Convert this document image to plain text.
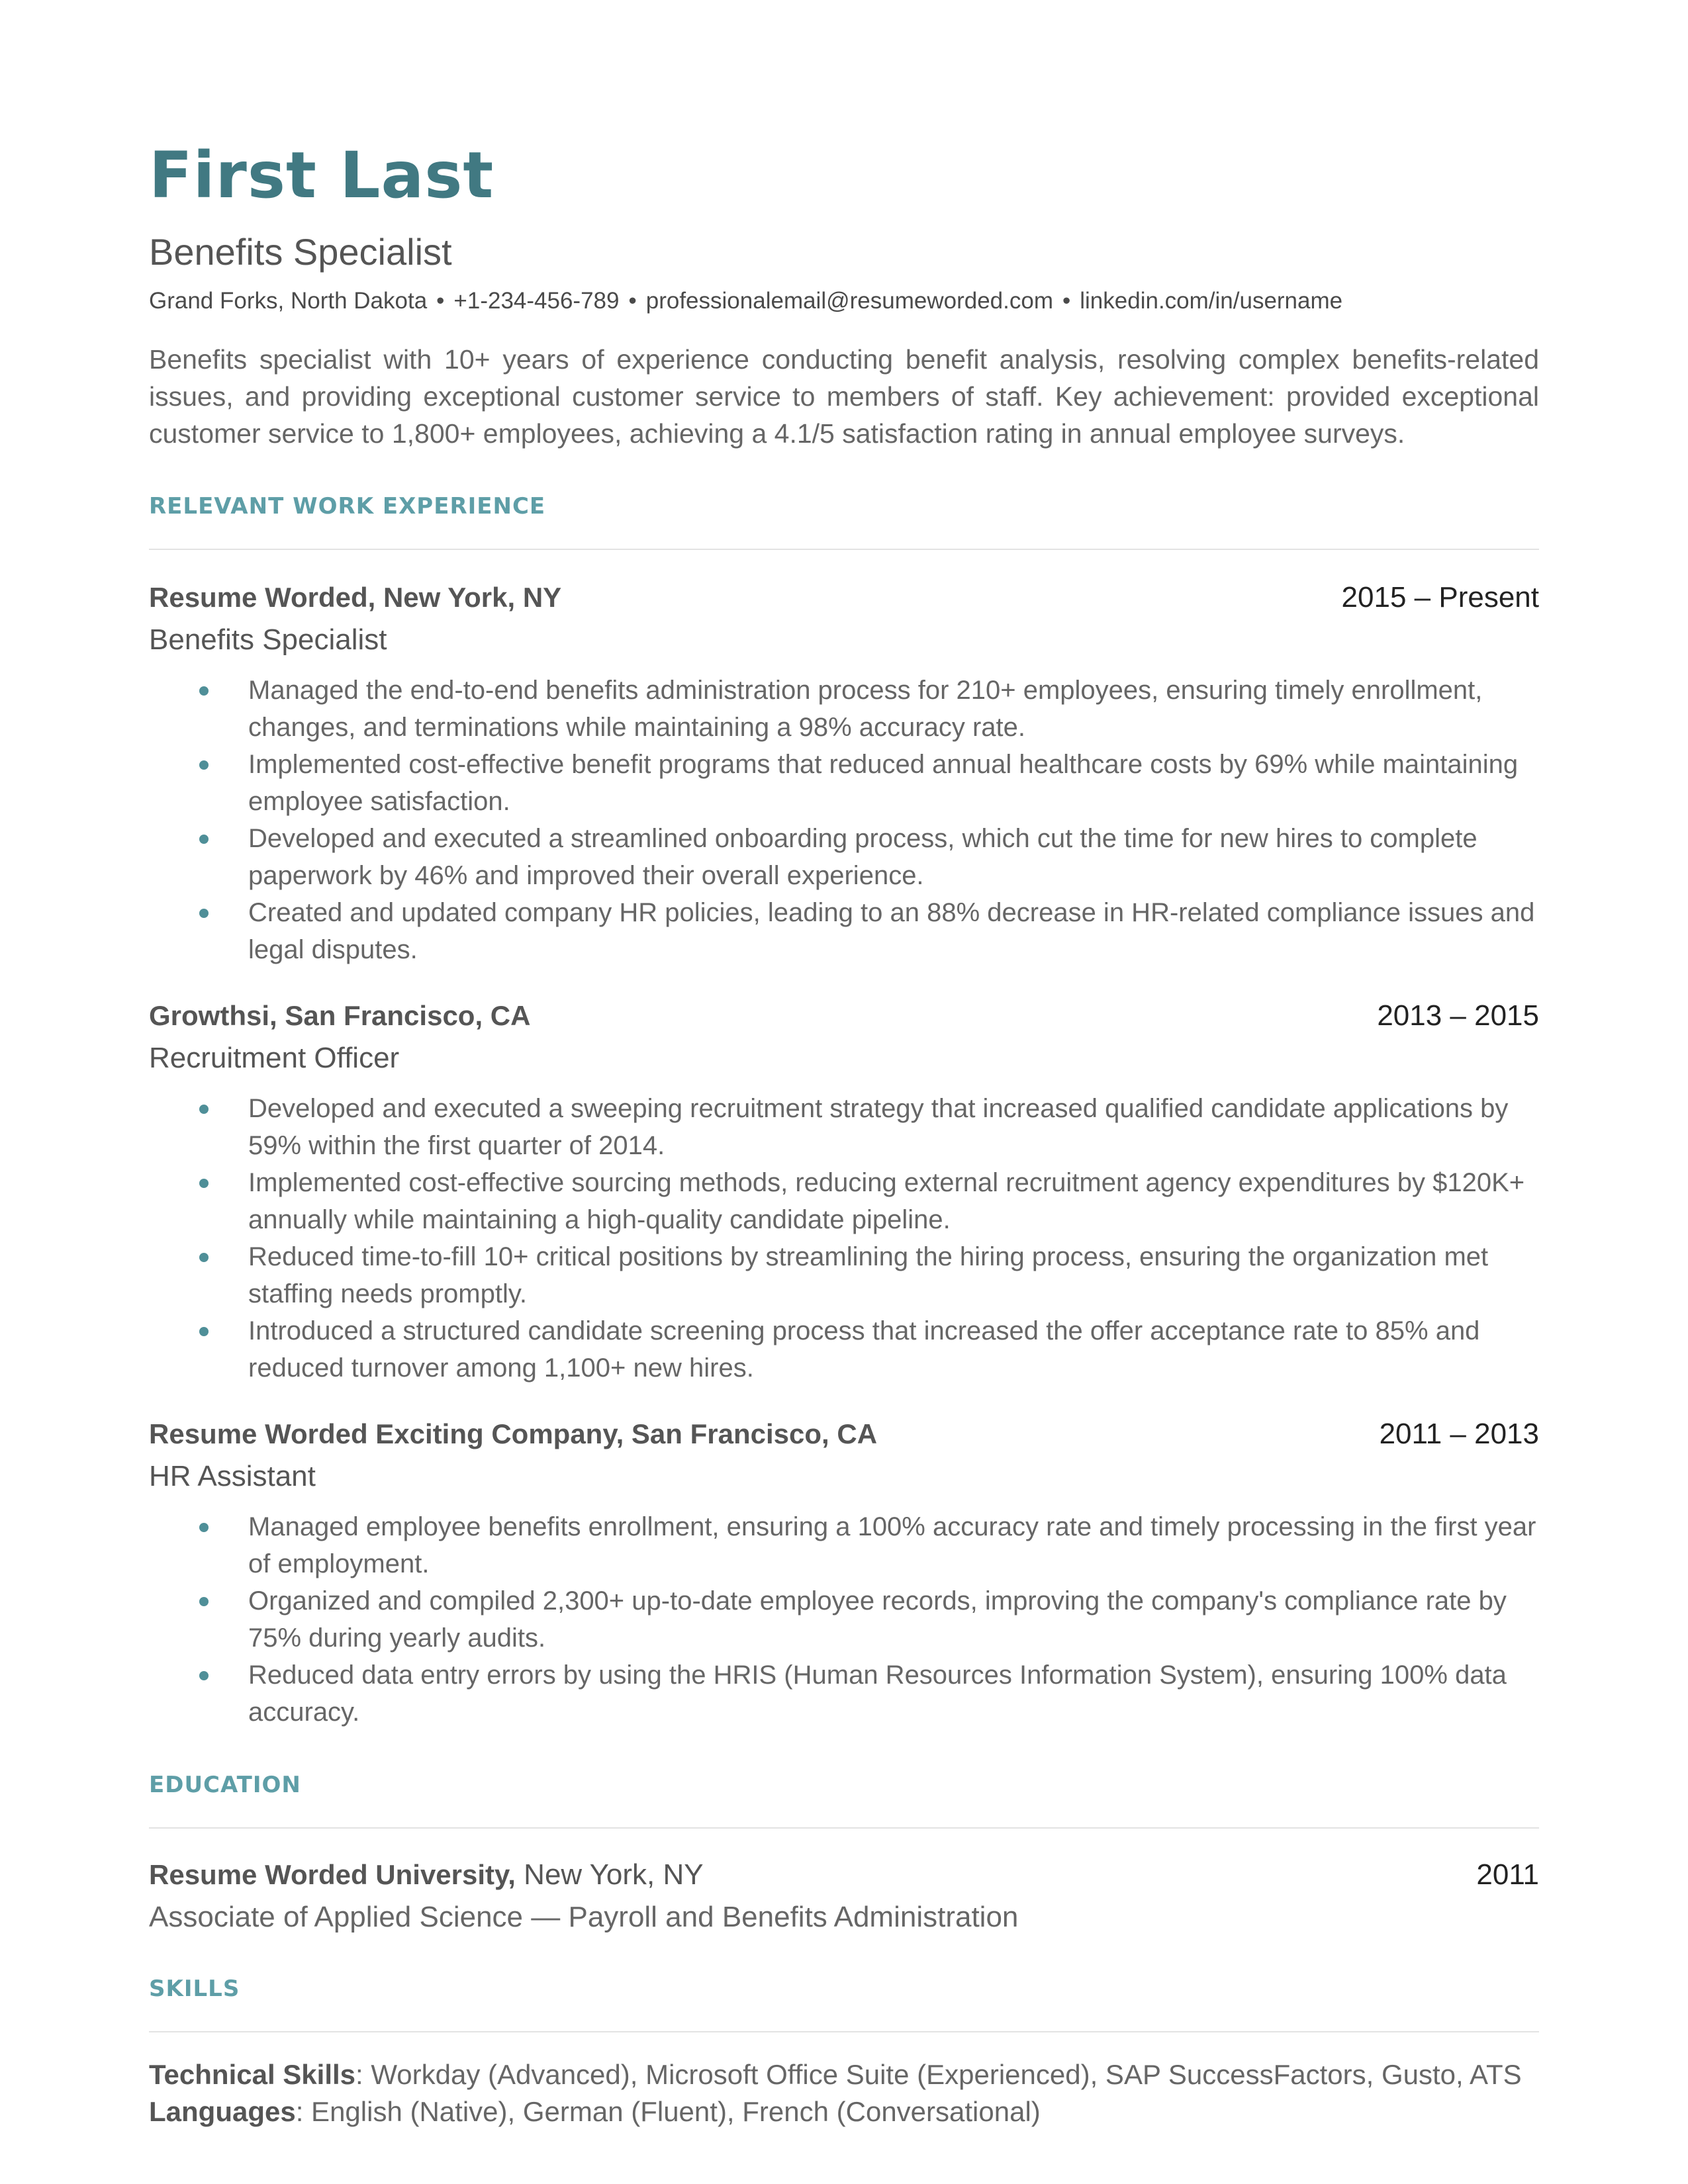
First Last
Benefits Specialist
Grand Forks, North Dakota • +1-234-456-789 • professionalemail@resumeworded.com • linkedin.com/in/username

Benefits specialist with 10+ years of experience conducting benefit analysis, resolving complex benefits-related issues, and providing exceptional customer service to members of staff. Key achievement: provided exceptional customer service to 1,800+ employees, achieving a 4.1/5 satisfaction rating in annual employee surveys.

RELEVANT WORK EXPERIENCE
Resume Worded, New York, NY	2015 – Present
Benefits Specialist
Managed the end-to-end benefits administration process for 210+ employees, ensuring timely enrollment, changes, and terminations while maintaining a 98% accuracy rate.
Implemented cost-effective benefit programs that reduced annual healthcare costs by 69% while maintaining employee satisfaction.
Developed and executed a streamlined onboarding process, which cut the time for new hires to complete paperwork by 46% and improved their overall experience.
Created and updated company HR policies, leading to an 88% decrease in HR-related compliance issues and legal disputes.
Growthsi, San Francisco, CA	2013 – 2015
Recruitment Officer
Developed and executed a sweeping recruitment strategy that increased qualified candidate applications by 59% within the first quarter of 2014.
Implemented cost-effective sourcing methods, reducing external recruitment agency expenditures by $120K+ annually while maintaining a high-quality candidate pipeline.
Reduced time-to-fill 10+ critical positions by streamlining the hiring process, ensuring the organization met staffing needs promptly.
Introduced a structured candidate screening process that increased the offer acceptance rate to 85% and reduced turnover among 1,100+ new hires.
Resume Worded Exciting Company, San Francisco, CA	2011 – 2013
HR Assistant
Managed employee benefits enrollment, ensuring a 100% accuracy rate and timely processing in the first year of employment.
Organized and compiled 2,300+ up-to-date employee records, improving the company's compliance rate by 75% during yearly audits.
Reduced data entry errors by using the HRIS (Human Resources Information System), ensuring 100% data accuracy.
EDUCATION
Resume Worded University, New York, NY	2011
Associate of Applied Science — Payroll and Benefits Administration
SKILLS
Technical Skills: Workday (Advanced), Microsoft Office Suite (Experienced), SAP SuccessFactors, Gusto, ATS
Languages: English (Native), German (Fluent), French (Conversational)
